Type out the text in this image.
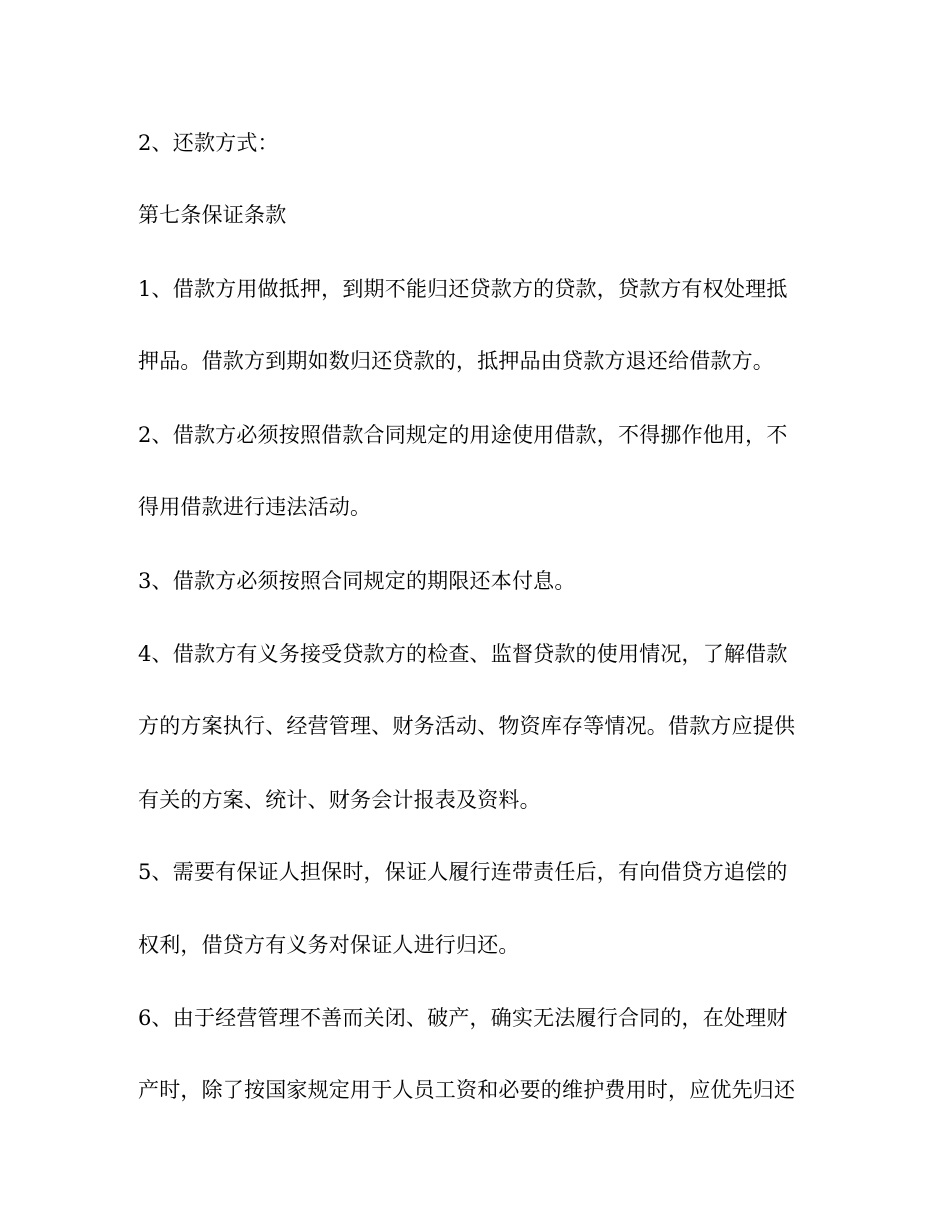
2、还款方式：
第七条保证条款
1、借款方用做抵押，到期不能归还贷款方的贷款，贷款方有权处理抵
押品。借款方到期如数归还贷款的，抵押品由贷款方退还给借款方。
2、借款方必须按照借款合同规定的用途使用借款，不得挪作他用，不
得用借款进行违法活动。
3、借款方必须按照合同规定的期限还本付息。
4、借款方有义务接受贷款方的检查、监督贷款的使用情况，了解借款
方的方案执行、经营管理、财务活动、物资库存等情况。借款方应提供
有关的方案、统计、财务会计报表及资料。
5、需要有保证人担保时，保证人履行连带责任后，有向借贷方追偿的
权利，借贷方有义务对保证人进行归还。
6、由于经营管理不善而关闭、破产，确实无法履行合同的，在处理财
产时，除了按国家规定用于人员工资和必要的维护费用时，应优先归还
